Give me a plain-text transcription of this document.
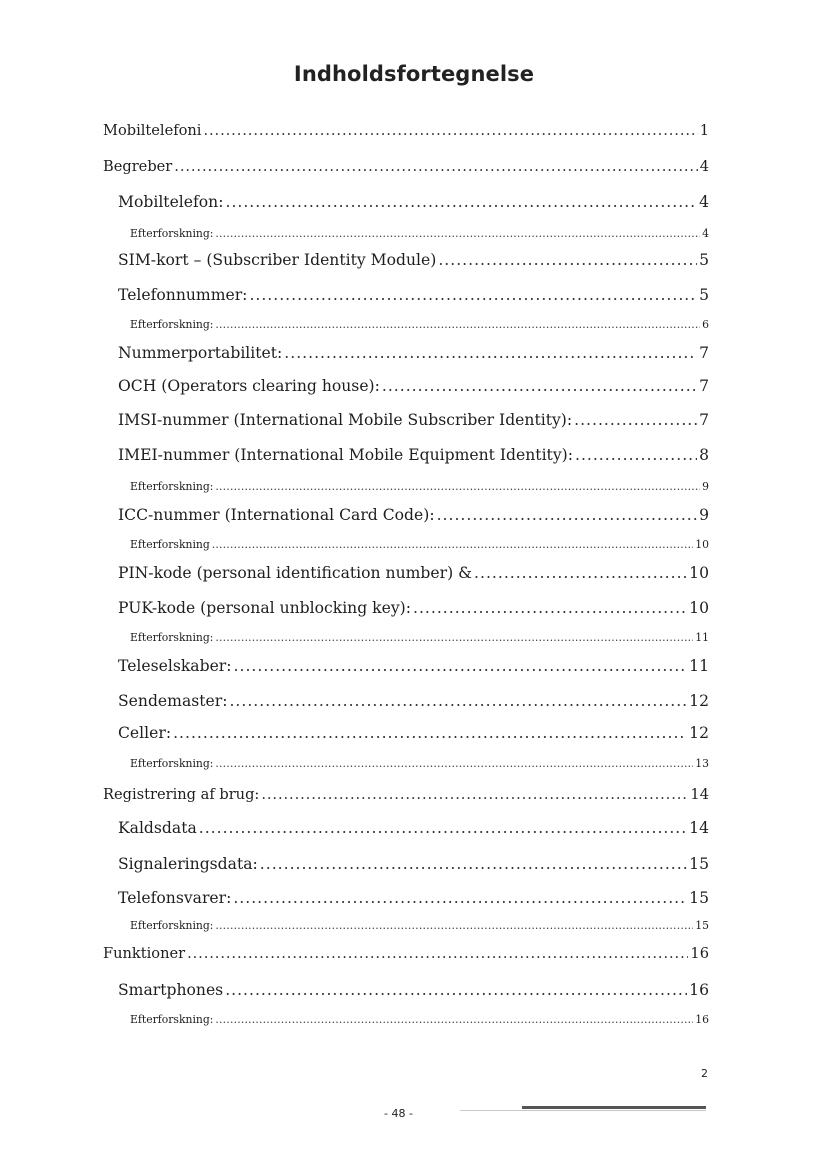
Indholdsfortegnelse
Mobiltelefoni .....	1
Begreber .....	4
Mobiltelefon: .....	4
Efterforskning: .....	4
SIM-kort – (Subscriber Identity Module) .....	5
Telefonnummer: .....	5
Efterforskning: .....	6
Nummerportabilitet: .....	7
OCH (Operators clearing house): .....	7
IMSI-nummer (International Mobile Subscriber Identity): .....	7
IMEI-nummer (International Mobile Equipment Identity): .....	8
Efterforskning: .....	9
ICC-nummer (International Card Code): .....	9
Efterforskning .....	10
PIN-kode (personal identification number) & .....	10
PUK-kode (personal unblocking key): .....	10
Efterforskning: .....	11
Teleselskaber: .....	11
Sendemaster: .....	12
Celler: .....	12
Efterforskning: .....	13
Registrering af brug: .....	14
Kaldsdata .....	14
Signaleringsdata: .....	15
Telefonsvarer: .....	15
Efterforskning: .....	15
Funktioner .....	16
Smartphones .....	16
Efterforskning: .....	16
2
- 48 -
